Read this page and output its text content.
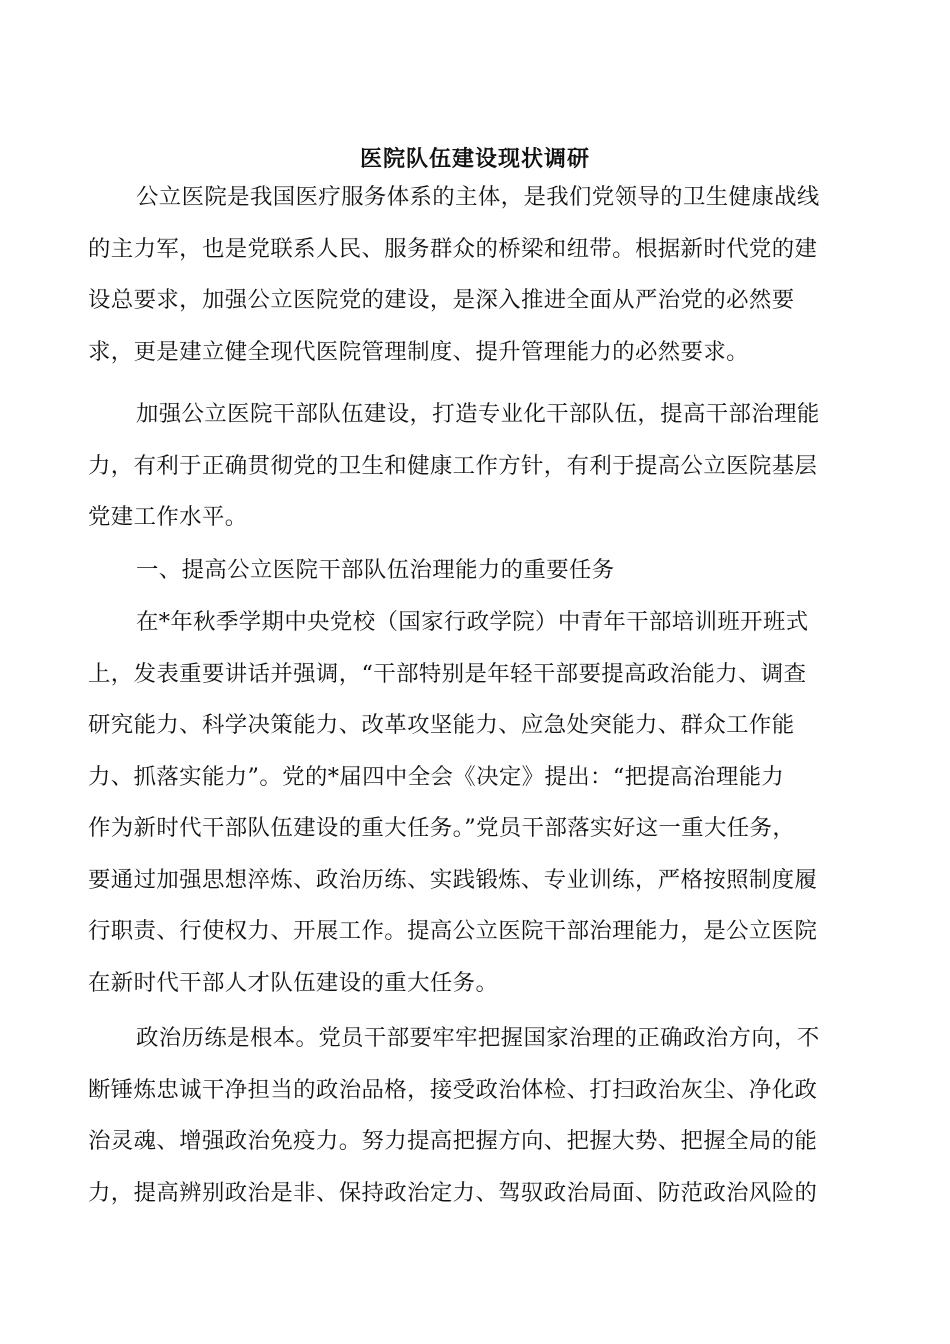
医院队伍建设现状调研

公立医院是我国医疗服务体系的主体，是我们党领导的卫生健康战线
的主力军，也是党联系人民、服务群众的桥梁和纽带。根据新时代党的建
设总要求，加强公立医院党的建设，是深入推进全面从严治党的必然要
求，更是建立健全现代医院管理制度、提升管理能力的必然要求。

加强公立医院干部队伍建设，打造专业化干部队伍，提高干部治理能
力，有利于正确贯彻党的卫生和健康工作方针，有利于提高公立医院基层
党建工作水平。

一、提高公立医院干部队伍治理能力的重要任务

在*年秋季学期中央党校（国家行政学院）中青年干部培训班开班式
上，发表重要讲话并强调，“干部特别是年轻干部要提高政治能力、调查
研究能力、科学决策能力、改革攻坚能力、应急处突能力、群众工作能
力、抓落实能力”。党的*届四中全会《决定》提出：“把提高治理能力
作为新时代干部队伍建设的重大任务。”党员干部落实好这一重大任务，
要通过加强思想淬炼、政治历练、实践锻炼、专业训练，严格按照制度履
行职责、行使权力、开展工作。提高公立医院干部治理能力，是公立医院
在新时代干部人才队伍建设的重大任务。

政治历练是根本。党员干部要牢牢把握国家治理的正确政治方向，不
断锤炼忠诚干净担当的政治品格，接受政治体检、打扫政治灰尘、净化政
治灵魂、增强政治免疫力。努力提高把握方向、把握大势、把握全局的能
力，提高辨别政治是非、保持政治定力、驾驭政治局面、防范政治风险的
